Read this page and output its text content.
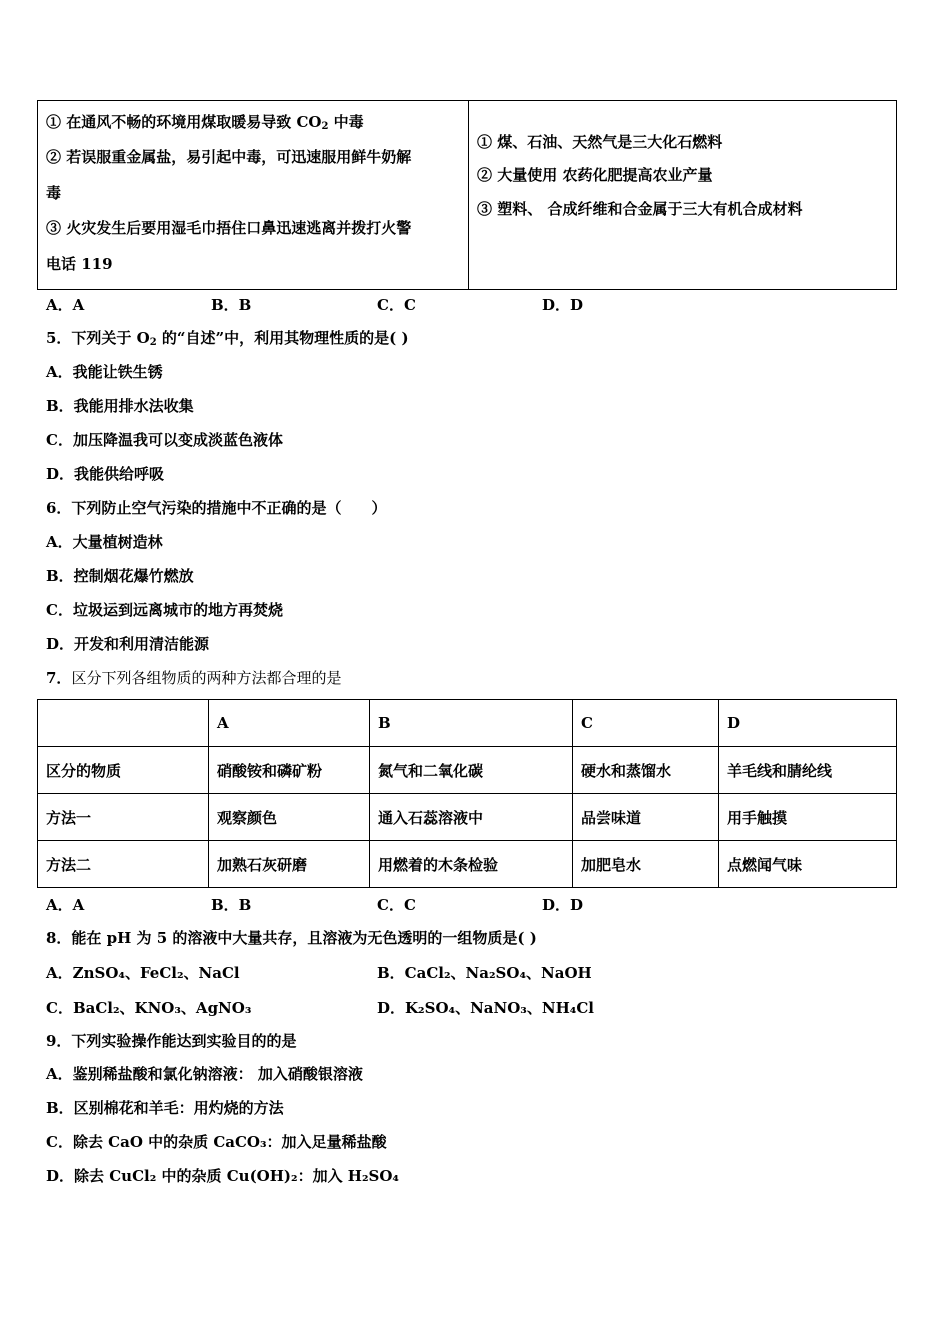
① 在通风不畅的环境用煤取暖易导致 $CO_2$ 中毒
② 若误服重金属盐，易引起中毒，可迅速服用鲜牛奶解
毒
③ 火灾发生后要用湿毛巾捂住口鼻迅速逃离并拨打火警
电话 119

① 煤、石油、天然气是三大化石燃料
② 大量使用 农药化肥提高农业产量
③ 塑料、 合成纤维和合金属于三大有机合成材料
A．A	B．B	C．C	D．D
5．下列关于 $O_2$ 的“自述”中，利用其物理性质的是( )
A．我能让铁生锈
B．我能用排水法收集
C．加压降温我可以变成淡蓝色液体
D．我能供给呼吸
6．下列防止空气污染的措施中不正确的是（　　）
A．大量植树造林
B．控制烟花爆竹燃放
C．垃圾运到远离城市的地方再焚烧
D．开发和利用清洁能源
7．区分下列各组物质的两种方法都合理的是
	A	B	C	D
区分的物质	硝酸铵和磷矿粉	氮气和二氧化碳	硬水和蒸馏水	羊毛线和腈纶线
方法一	观察颜色	通入石蕊溶液中	品尝味道	用手触摸
方法二	加熟石灰研磨	用燃着的木条检验	加肥皂水	点燃闻气味
A．A	B．B	C．C	D．D
8．能在 pH 为 5 的溶液中大量共存，且溶液为无色透明的一组物质是( )
A．ZnSO₄、FeCl₂、NaCl	B．CaCl₂、Na₂SO₄、NaOH
C．BaCl₂、KNO₃、AgNO₃	D．K₂SO₄、NaNO₃、NH₄Cl
9．下列实验操作能达到实验目的的是
A．鉴别稀盐酸和氯化钠溶液： 加入硝酸银溶液
B．区别棉花和羊毛：用灼烧的方法
C．除去 CaO 中的杂质 CaCO₃：加入足量稀盐酸
D．除去 CuCl₂ 中的杂质 Cu(OH)₂：加入 H₂SO₄
